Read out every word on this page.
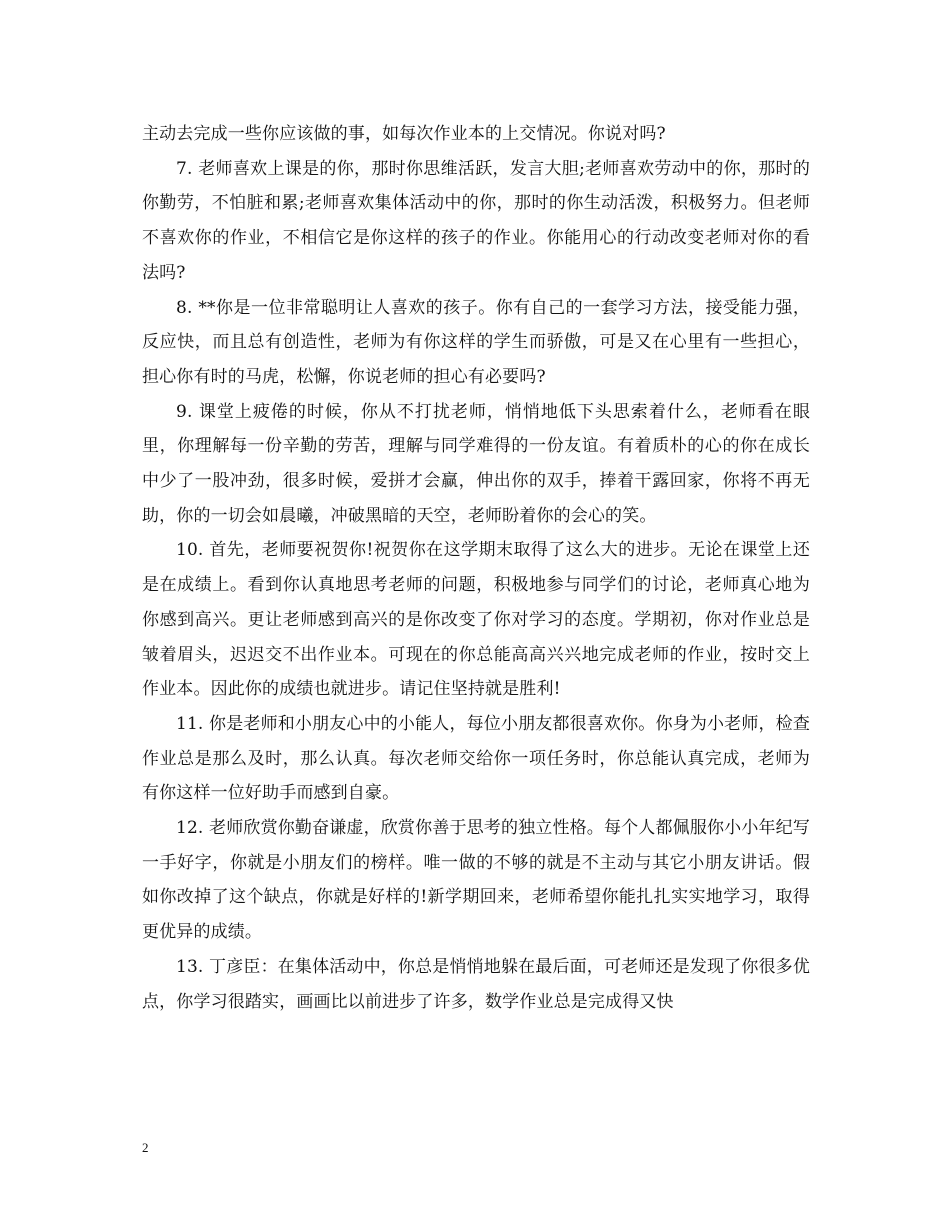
主动去完成一些你应该做的事，如每次作业本的上交情况。你说对吗?

7. 老师喜欢上课是的你，那时你思维活跃，发言大胆;老师喜欢劳动中的你，那时的你勤劳，不怕脏和累;老师喜欢集体活动中的你，那时的你生动活泼，积极努力。但老师不喜欢你的作业，不相信它是你这样的孩子的作业。你能用心的行动改变老师对你的看法吗?

8. **你是一位非常聪明让人喜欢的孩子。你有自己的一套学习方法，接受能力强，反应快，而且总有创造性，老师为有你这样的学生而骄傲，可是又在心里有一些担心，担心你有时的马虎，松懈，你说老师的担心有必要吗?

9. 课堂上疲倦的时候，你从不打扰老师，悄悄地低下头思索着什么，老师看在眼里，你理解每一份辛勤的劳苦，理解与同学难得的一份友谊。有着质朴的心的你在成长中少了一股冲劲，很多时候，爱拼才会赢，伸出你的双手，捧着干露回家，你将不再无助，你的一切会如晨曦，冲破黑暗的天空，老师盼着你的会心的笑。

10. 首先，老师要祝贺你!祝贺你在这学期末取得了这么大的进步。无论在课堂上还是在成绩上。看到你认真地思考老师的问题，积极地参与同学们的讨论，老师真心地为你感到高兴。更让老师感到高兴的是你改变了你对学习的态度。学期初，你对作业总是皱着眉头，迟迟交不出作业本。可现在的你总能高高兴兴地完成老师的作业，按时交上作业本。因此你的成绩也就进步。请记住坚持就是胜利!

11. 你是老师和小朋友心中的小能人，每位小朋友都很喜欢你。你身为小老师，检查作业总是那么及时，那么认真。每次老师交给你一项任务时，你总能认真完成，老师为有你这样一位好助手而感到自豪。

12. 老师欣赏你勤奋谦虚，欣赏你善于思考的独立性格。每个人都佩服你小小年纪写一手好字，你就是小朋友们的榜样。唯一做的不够的就是不主动与其它小朋友讲话。假如你改掉了这个缺点，你就是好样的!新学期回来，老师希望你能扎扎实实地学习，取得更优异的成绩。

13. 丁彦臣：在集体活动中，你总是悄悄地躲在最后面，可老师还是发现了你很多优点，你学习很踏实，画画比以前进步了许多，数学作业总是完成得又快

2
